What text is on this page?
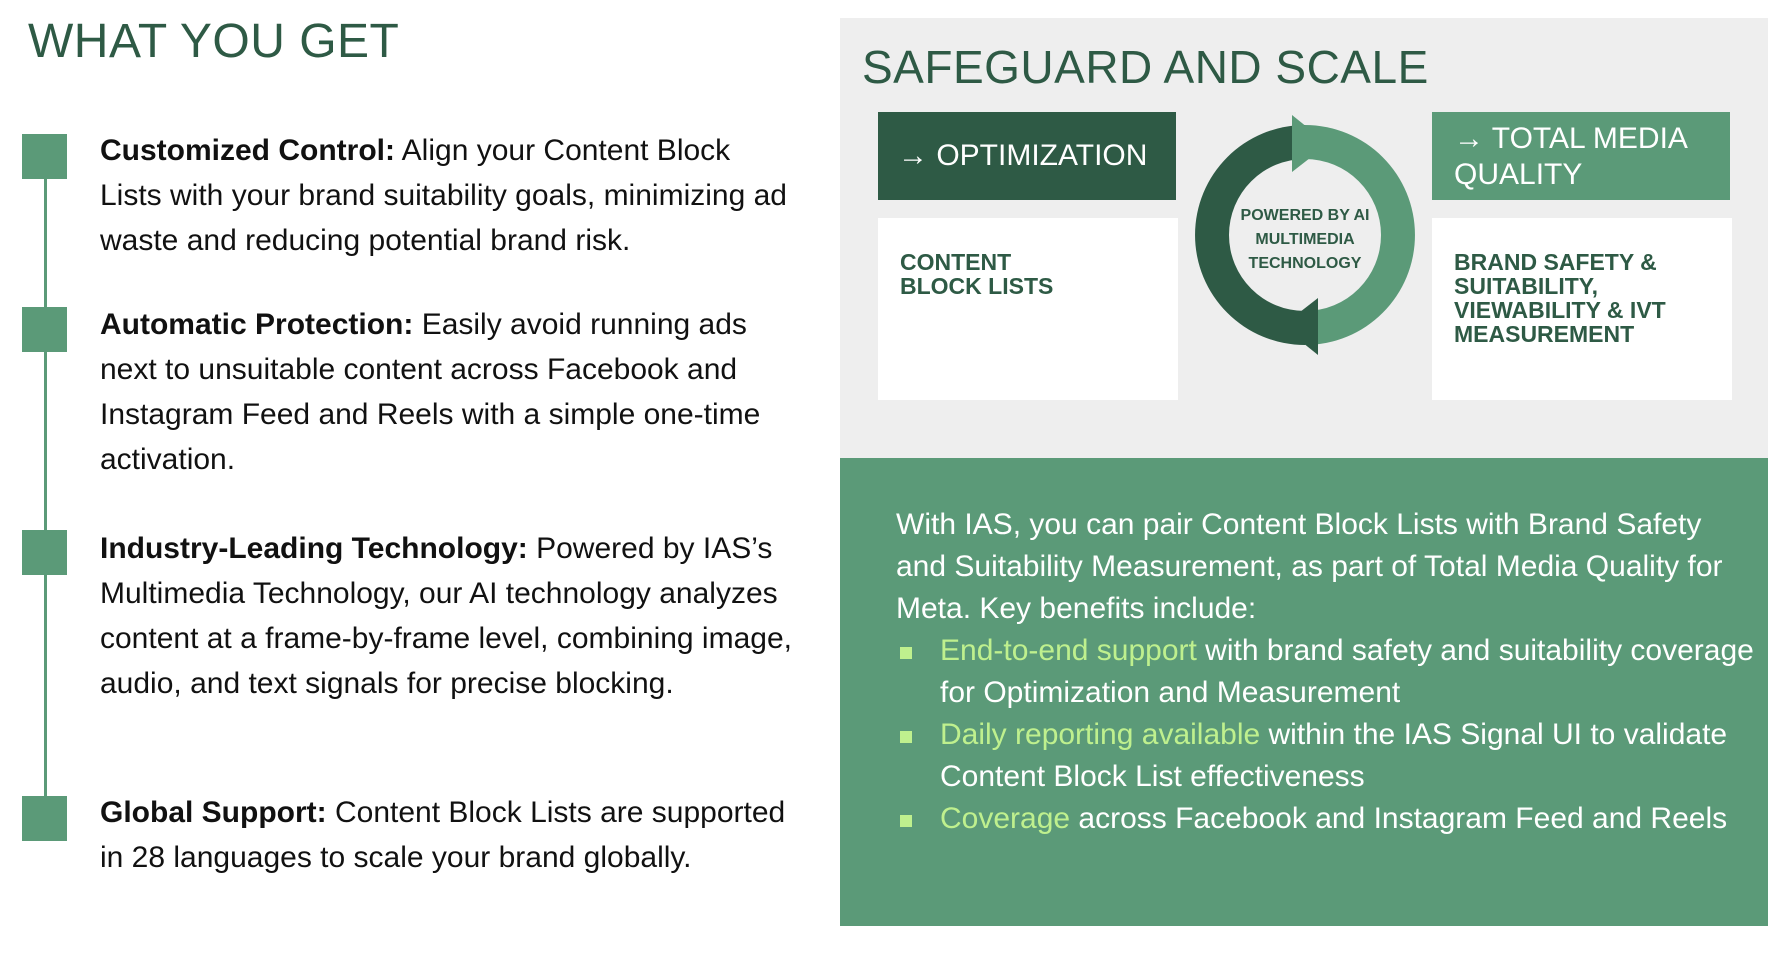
WHAT YOU GET

Customized Control: Align your Content Block Lists with your brand suitability goals, minimizing ad waste and reducing potential brand risk.

Automatic Protection: Easily avoid running ads next to unsuitable content across Facebook and Instagram Feed and Reels with a simple one-time activation.

Industry-Leading Technology: Powered by IAS’s Multimedia Technology, our AI technology analyzes content at a frame-by-frame level, combining image, audio, and text signals for precise blocking.

Global Support: Content Block Lists are supported in 28 languages to scale your brand globally.

SAFEGUARD AND SCALE
→ OPTIMIZATION
CONTENT
BLOCK LISTS
POWERED BY AI
MULTIMEDIA
TECHNOLOGY
→ TOTAL MEDIA
QUALITY
BRAND SAFETY &
SUITABILITY,
VIEWABILITY & IVT
MEASUREMENT

With IAS, you can pair Content Block Lists with Brand Safety and Suitability Measurement, as part of Total Media Quality for Meta. Key benefits include:

End-to-end support with brand safety and suitability coverage for Optimization and Measurement
Daily reporting available within the IAS Signal UI to validate Content Block List effectiveness
Coverage across Facebook and Instagram Feed and Reels
